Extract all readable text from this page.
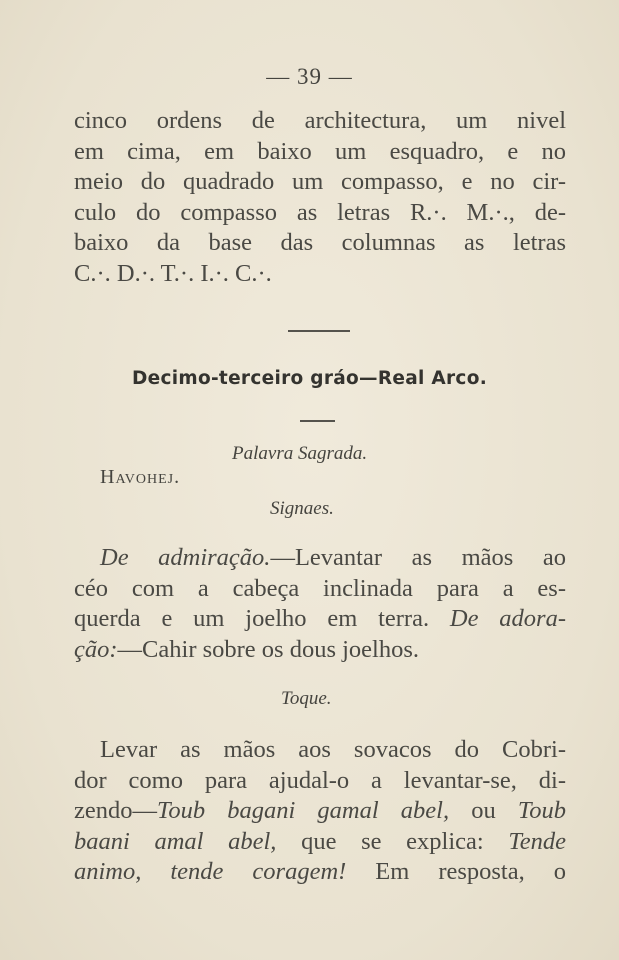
— 39 —
cinco ordens de architectura, um nivel
em cima, em baixo um esquadro, e no
meio do quadrado um compasso, e no cir-
culo do compasso as letras R.·. M.·., de-
baixo da base das columnas as letras
C.·. D.·. T.·. I.·. C.·.
Decimo-terceiro gráo—Real Arco.
Palavra Sagrada.
Havohej.
Signaes.
De admiração.—Levantar as mãos ao
céo com a cabeça inclinada para a es-
querda e um joelho em terra. De adora-
ção:—Cahir sobre os dous joelhos.
Toque.
Levar as mãos aos sovacos do Cobri-
dor como para ajudal-o a levantar-se, di-
zendo—Toub bagani gamal abel, ou Toub
baani amal abel, que se explica: Tende
animo, tende coragem! Em resposta, o
